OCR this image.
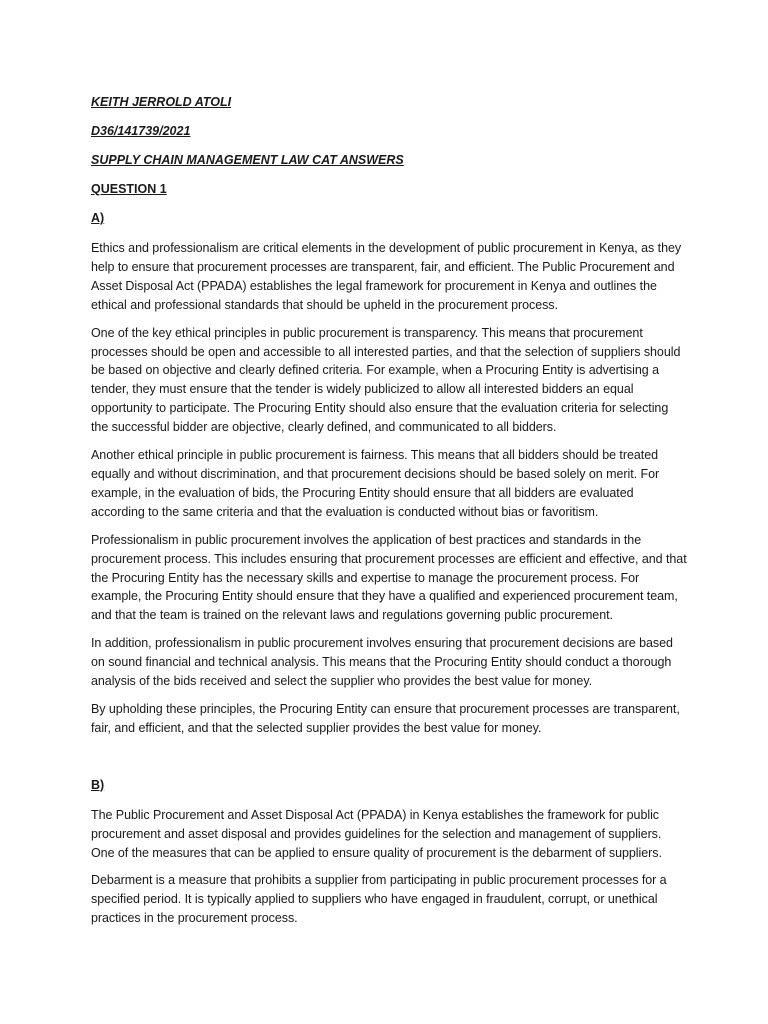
KEITH JERROLD ATOLI
D36/141739/2021
SUPPLY CHAIN MANAGEMENT LAW CAT ANSWERS
QUESTION 1
A)

Ethics and professionalism are critical elements in the development of public procurement in Kenya, as they help to ensure that procurement processes are transparent, fair, and efficient. The Public Procurement and Asset Disposal Act (PPADA) establishes the legal framework for procurement in Kenya and outlines the ethical and professional standards that should be upheld in the procurement process.

One of the key ethical principles in public procurement is transparency. This means that procurement processes should be open and accessible to all interested parties, and that the selection of suppliers should be based on objective and clearly defined criteria. For example, when a Procuring Entity is advertising a tender, they must ensure that the tender is widely publicized to allow all interested bidders an equal opportunity to participate. The Procuring Entity should also ensure that the evaluation criteria for selecting the successful bidder are objective, clearly defined, and communicated to all bidders.

Another ethical principle in public procurement is fairness. This means that all bidders should be treated equally and without discrimination, and that procurement decisions should be based solely on merit. For example, in the evaluation of bids, the Procuring Entity should ensure that all bidders are evaluated according to the same criteria and that the evaluation is conducted without bias or favoritism.

Professionalism in public procurement involves the application of best practices and standards in the procurement process. This includes ensuring that procurement processes are efficient and effective, and that the Procuring Entity has the necessary skills and expertise to manage the procurement process. For example, the Procuring Entity should ensure that they have a qualified and experienced procurement team, and that the team is trained on the relevant laws and regulations governing public procurement.

In addition, professionalism in public procurement involves ensuring that procurement decisions are based on sound financial and technical analysis. This means that the Procuring Entity should conduct a thorough analysis of the bids received and select the supplier who provides the best value for money.

By upholding these principles, the Procuring Entity can ensure that procurement processes are transparent, fair, and efficient, and that the selected supplier provides the best value for money.

B)

The Public Procurement and Asset Disposal Act (PPADA) in Kenya establishes the framework for public procurement and asset disposal and provides guidelines for the selection and management of suppliers. One of the measures that can be applied to ensure quality of procurement is the debarment of suppliers.

Debarment is a measure that prohibits a supplier from participating in public procurement processes for a specified period. It is typically applied to suppliers who have engaged in fraudulent, corrupt, or unethical practices in the procurement process.
